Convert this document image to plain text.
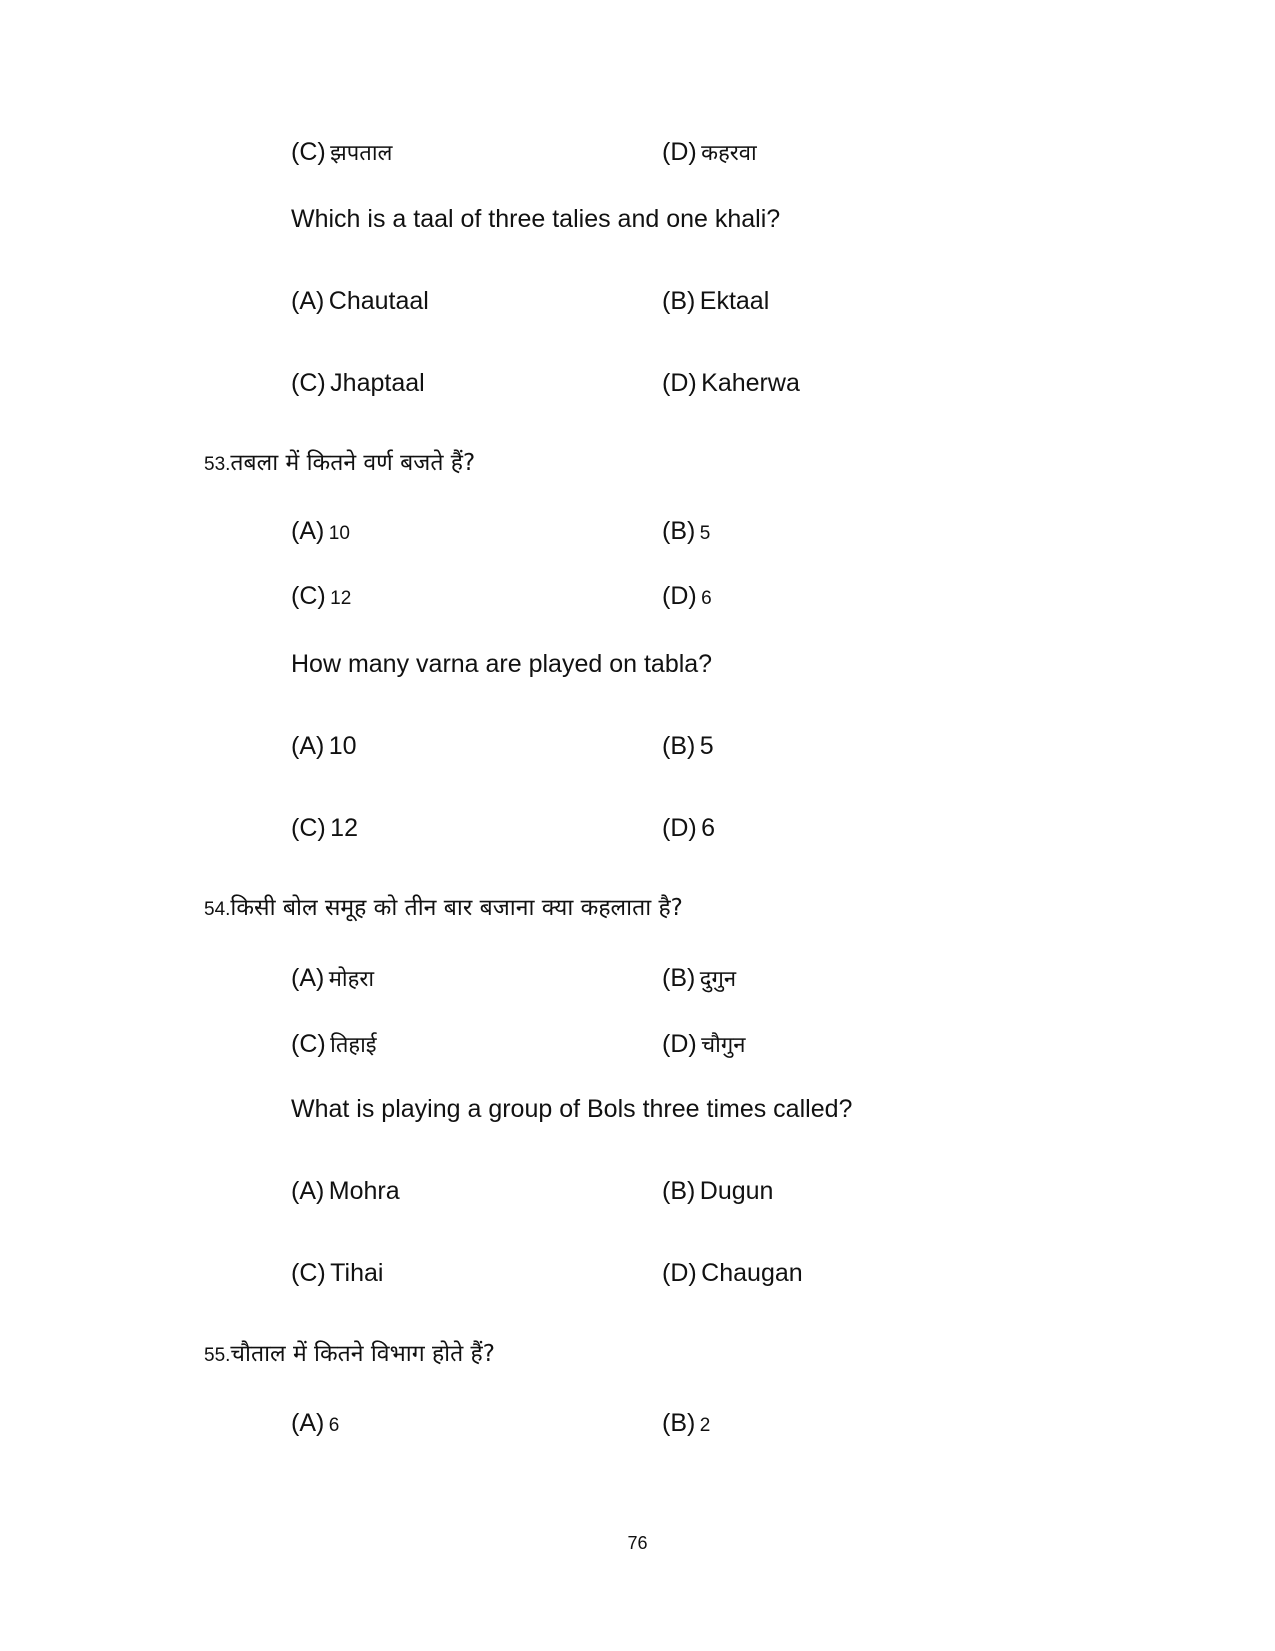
(C) झपताल	(D) कहरवा
Which is a taal of three talies and one khali?
(A) Chautaal	(B) Ektaal
(C) Jhaptaal	(D) Kaherwa
53.तबला में कितने वर्ण बजते हैं?
(A) 10	(B) 5
(C) 12	(D) 6
How many varna are played on tabla?
(A) 10	(B) 5
(C) 12	(D) 6
54.किसी बोल समूह को तीन बार बजाना क्या कहलाता है?
(A) मोहरा	(B) दुगुन
(C) तिहाई	(D) चौगुन
What is playing a group of Bols three times called?
(A) Mohra	(B) Dugun
(C) Tihai	(D) Chaugan
55.चौताल में कितने विभाग होते हैं?
(A) 6	(B) 2
76
